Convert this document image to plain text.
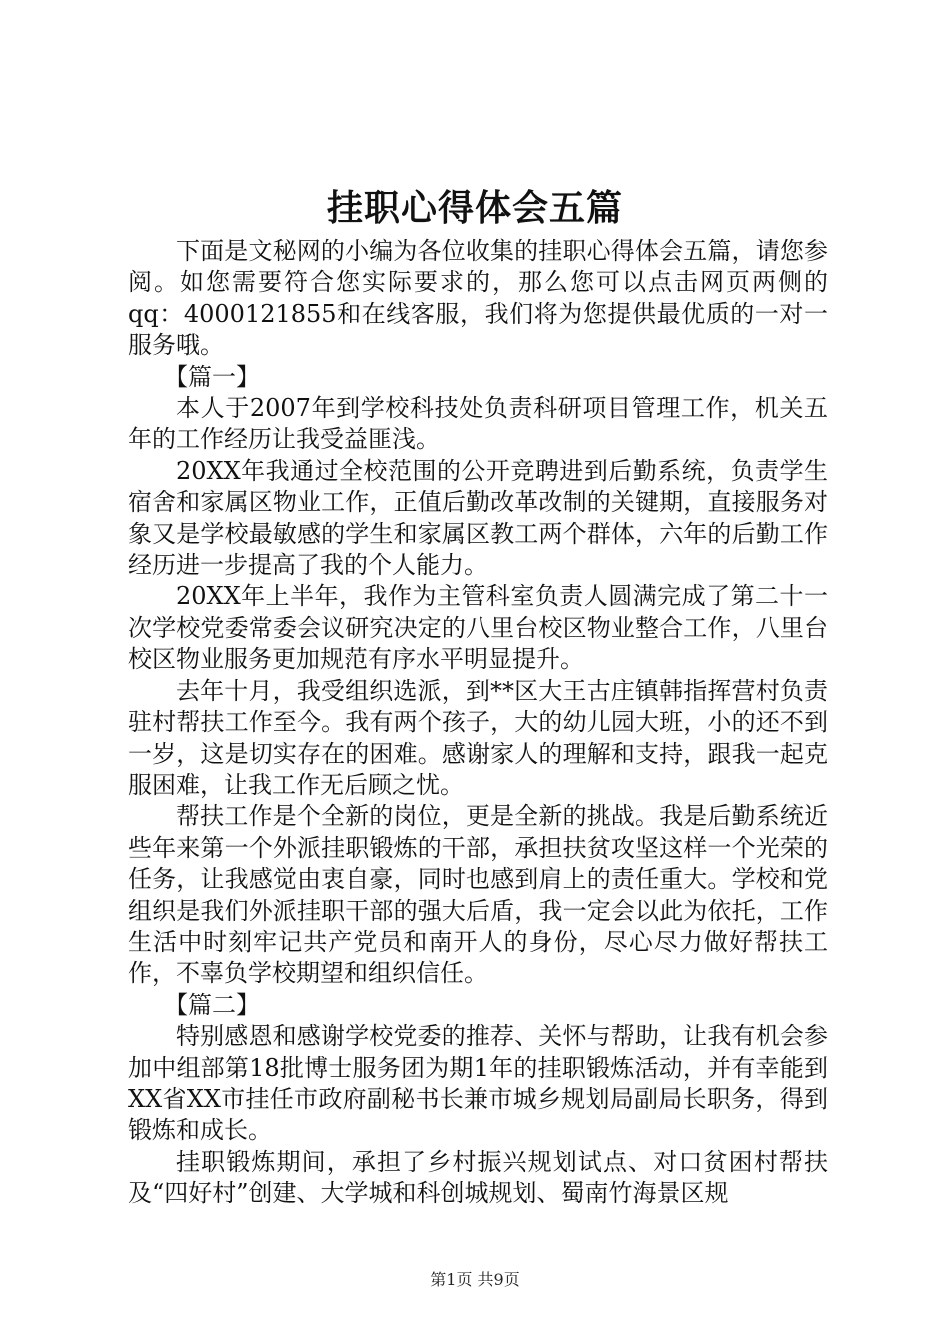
挂职心得体会五篇

下面是文秘网的小编为各位收集的挂职心得体会五篇，请您参阅。如您需要符合您实际要求的，那么您可以点击网页两侧的qq：4000121855和在线客服，我们将为您提供最优质的一对一服务哦。

【篇一】

本人于2007年到学校科技处负责科研项目管理工作，机关五年的工作经历让我受益匪浅。

20XX年我通过全校范围的公开竞聘进到后勤系统，负责学生宿舍和家属区物业工作，正值后勤改革改制的关键期，直接服务对象又是学校最敏感的学生和家属区教工两个群体，六年的后勤工作经历进一步提高了我的个人能力。

20XX年上半年，我作为主管科室负责人圆满完成了第二十一次学校党委常委会议研究决定的八里台校区物业整合工作，八里台校区物业服务更加规范有序水平明显提升。

去年十月，我受组织选派，到**区大王古庄镇韩指挥营村负责驻村帮扶工作至今。我有两个孩子，大的幼儿园大班，小的还不到一岁，这是切实存在的困难。感谢家人的理解和支持，跟我一起克服困难，让我工作无后顾之忧。

帮扶工作是个全新的岗位，更是全新的挑战。我是后勤系统近些年来第一个外派挂职锻炼的干部，承担扶贫攻坚这样一个光荣的任务，让我感觉由衷自豪，同时也感到肩上的责任重大。学校和党组织是我们外派挂职干部的强大后盾，我一定会以此为依托，工作生活中时刻牢记共产党员和南开人的身份，尽心尽力做好帮扶工作，不辜负学校期望和组织信任。

【篇二】

特别感恩和感谢学校党委的推荐、关怀与帮助，让我有机会参加中组部第18批博士服务团为期1年的挂职锻炼活动，并有幸能到XX省XX市挂任市政府副秘书长兼市城乡规划局副局长职务，得到锻炼和成长。

挂职锻炼期间，承担了乡村振兴规划试点、对口贫困村帮扶及“四好村”创建、大学城和科创城规划、蜀南竹海景区规

第1页 共9页
